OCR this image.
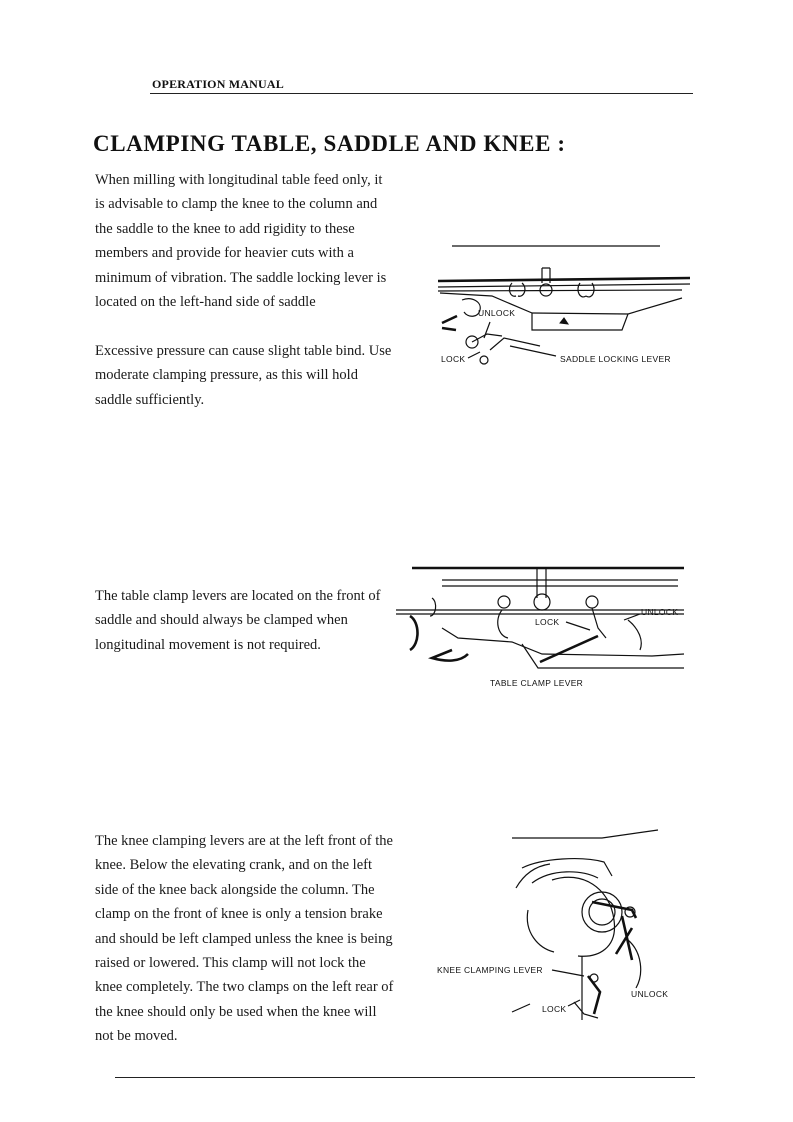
OPERATION MANUAL
CLAMPING TABLE, SADDLE AND KNEE :

When milling with longitudinal table feed only, it is advisable to clamp the knee to the column and the saddle to the knee to add rigidity to these members and provide for heavier cuts with a minimum of vibration. The saddle locking lever is located on the left-hand side of saddle

Excessive pressure can cause slight table bind. Use moderate clamping pressure, as this will hold saddle sufficiently.

UNLOCK
LOCK	SADDLE LOCKING LEVER

The table clamp levers are located on the front of saddle and should always be clamped when longitudinal movement is not required.

LOCK
UNLOCK
TABLE CLAMP LEVER

The knee clamping levers are at the left front of the knee. Below the elevating crank, and on the left side of the knee back alongside the column. The clamp on the front of knee is only a tension brake and should be left clamped unless the knee is being raised or lowered. This clamp will not lock the knee completely. The two clamps on the left rear of the knee should only be used when the knee will not be moved.

KNEE CLAMPING LEVER
LOCK
UNLOCK
